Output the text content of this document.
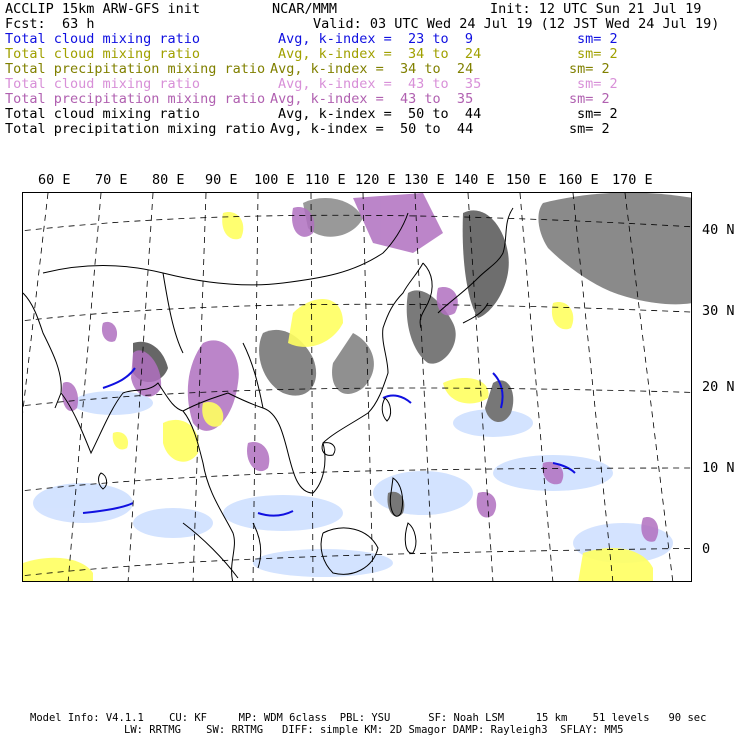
ACCLIP 15km ARW-GFS init	NCAR/MMM	Init: 12 UTC Sun 21 Jul 19
Fcst: 63 h	Valid: 03 UTC Wed 24 Jul 19 (12 JST Wed 24 Jul 19)
Total cloud mixing ratio	Avg, k-index =  23 to  9	sm= 2
Total cloud mixing ratio	Avg, k-index =  34 to  24	sm= 2
Total precipitation mixing ratio Avg, k-index =  34 to  24	sm= 2
Total cloud mixing ratio	Avg, k-index =  43 to  35	sm= 2
Total precipitation mixing ratio Avg, k-index =  43 to  35	sm= 2
Total cloud mixing ratio	Avg, k-index =  50 to  44	sm= 2
Total precipitation mixing ratio Avg, k-index =  50 to  44	sm= 2
60 E 70 E 80 E 90 E 100 E 110 E 120 E 130 E 140 E 150 E 160 E 170 E
40 N
30 N
20 N
10 N
0
Model Info: V4.1.1    CU: KF     MP: WDM 6class  PBL: YSU      SF: Noah LSM     15 km    51 levels   90 sec
LW: RRTMG    SW: RRTMG   DIFF: simple KM: 2D Smagor DAMP: Rayleigh3  SFLAY: MM5
